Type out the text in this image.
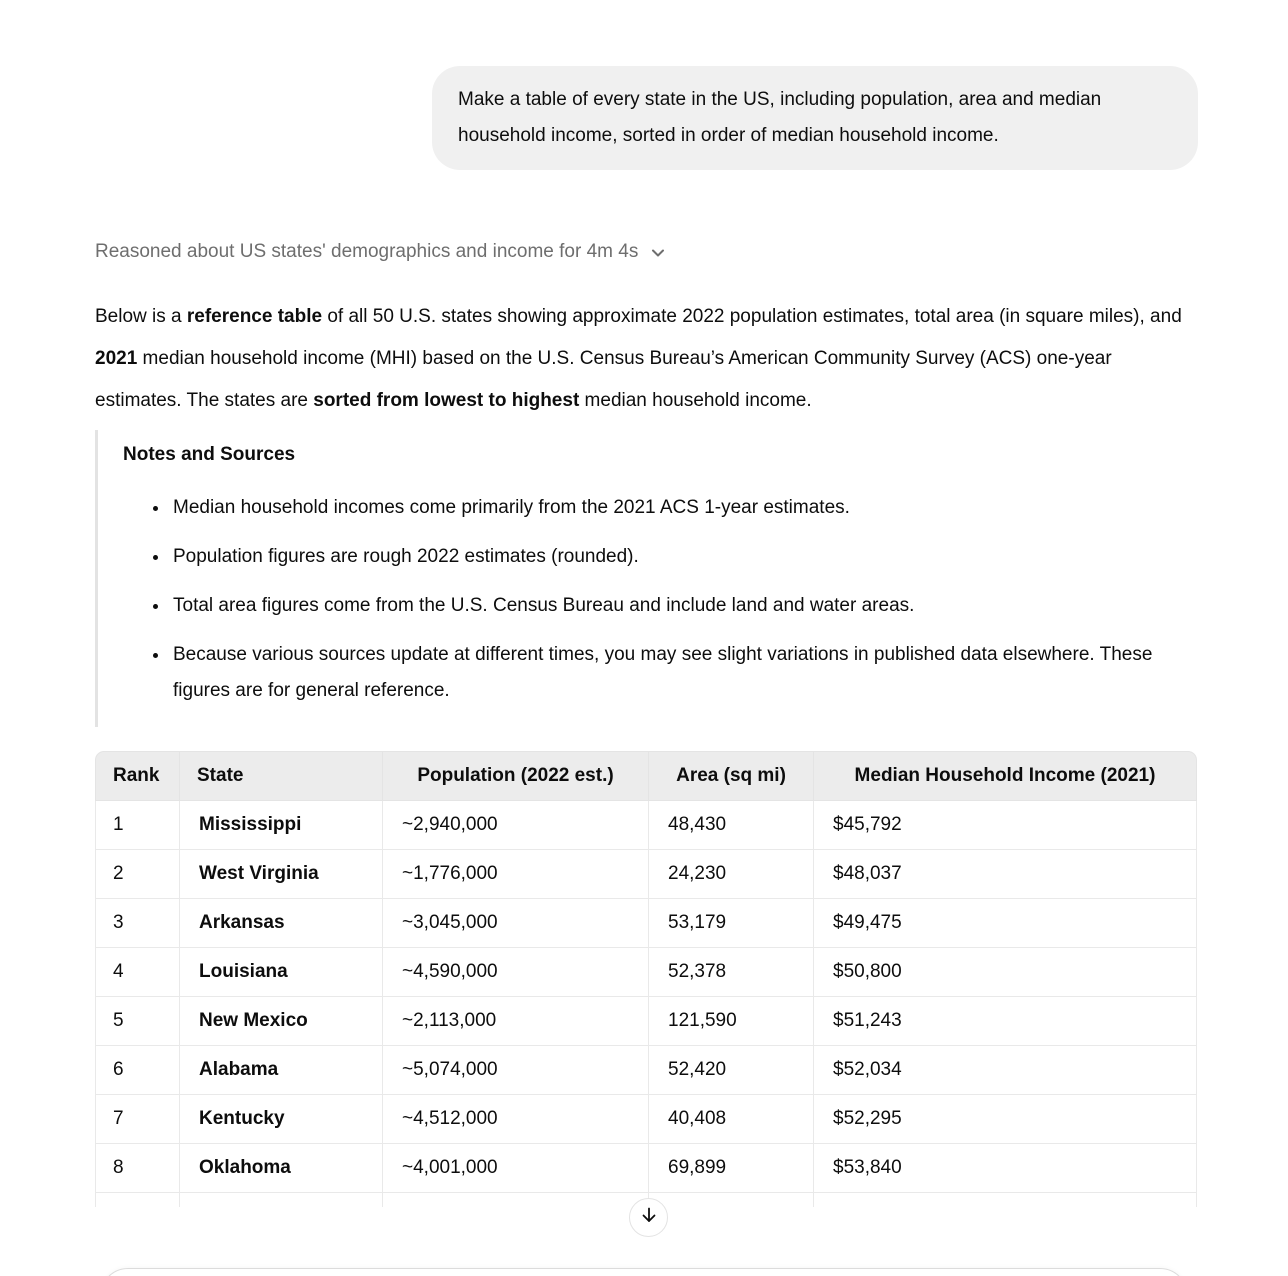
Make a table of every state in the US, including population, area and median household income, sorted in order of median household income.
Reasoned about US states' demographics and income for 4m 4s

Below is a reference table of all 50 U.S. states showing approximate 2022 population estimates, total area (in square miles), and 2021 median household income (MHI) based on the U.S. Census Bureau’s American Community Survey (ACS) one-year estimates. The states are sorted from lowest to highest median household income.

Notes and Sources
• Median household incomes come primarily from the 2021 ACS 1-year estimates.
• Population figures are rough 2022 estimates (rounded).
• Total area figures come from the U.S. Census Bureau and include land and water areas.
• Because various sources update at different times, you may see slight variations in published data elsewhere. These figures are for general reference.
Rank	State	Population (2022 est.)	Area (sq mi)	Median Household Income (2021)
1	Mississippi	~2,940,000	48,430	$45,792
2	West Virginia	~1,776,000	24,230	$48,037
3	Arkansas	~3,045,000	53,179	$49,475
4	Louisiana	~4,590,000	52,378	$50,800
5	New Mexico	~2,113,000	121,590	$51,243
6	Alabama	~5,074,000	52,420	$52,034
7	Kentucky	~4,512,000	40,408	$52,295
8	Oklahoma	~4,001,000	69,899	$53,840
